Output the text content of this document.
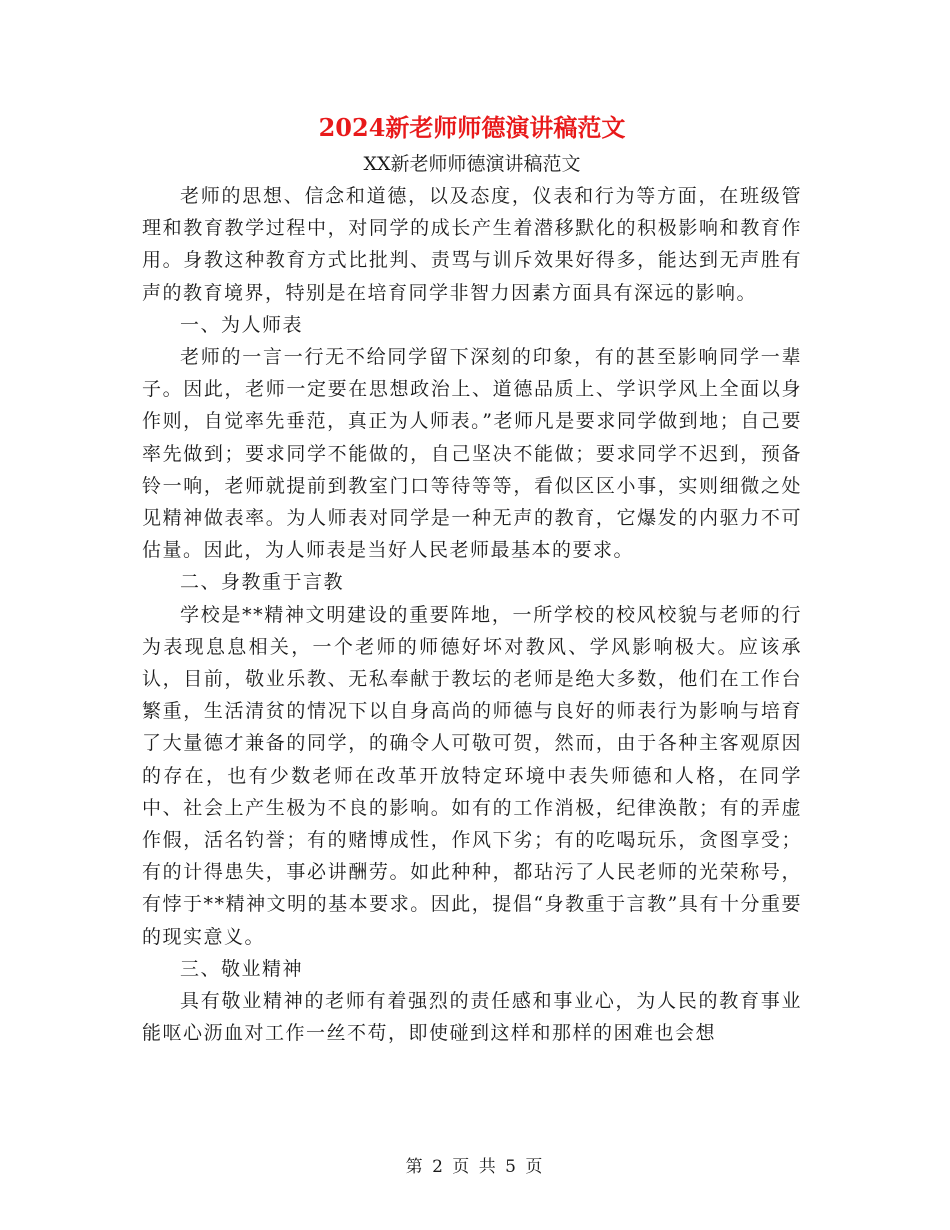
2024新老师师德演讲稿范文

XX新老师师德演讲稿范文

老师的思想、信念和道德，以及态度，仪表和行为等方面，在班级管理和教育教学过程中，对同学的成长产生着潜移默化的积极影响和教育作用。身教这种教育方式比批判、责骂与训斥效果好得多，能达到无声胜有声的教育境界，特别是在培育同学非智力因素方面具有深远的影响。

一、为人师表

老师的一言一行无不给同学留下深刻的印象，有的甚至影响同学一辈子。因此，老师一定要在思想政治上、道德品质上、学识学风上全面以身作则，自觉率先垂范，真正为人师表。”老师凡是要求同学做到地；自己要率先做到；要求同学不能做的，自己坚决不能做；要求同学不迟到，预备铃一响，老师就提前到教室门口等待等等，看似区区小事，实则细微之处见精神做表率。为人师表对同学是一种无声的教育，它爆发的内驱力不可估量。因此，为人师表是当好人民老师最基本的要求。

二、身教重于言教

学校是**精神文明建设的重要阵地，一所学校的校风校貌与老师的行为表现息息相关，一个老师的师德好坏对教风、学风影响极大。应该承认，目前，敬业乐教、无私奉献于教坛的老师是绝大多数，他们在工作台繁重，生活清贫的情况下以自身高尚的师德与良好的师表行为影响与培育了大量德才兼备的同学，的确令人可敬可贺，然而，由于各种主客观原因的存在，也有少数老师在改革开放特定环境中表失师德和人格，在同学中、社会上产生极为不良的影响。如有的工作消极，纪律涣散；有的弄虚作假，活名钓誉；有的赌博成性，作风下劣；有的吃喝玩乐，贪图享受；有的计得患失，事必讲酬劳。如此种种，都玷污了人民老师的光荣称号，有悖于**精神文明的基本要求。因此，提倡“身教重于言教”具有十分重要的现实意义。

三、敬业精神

具有敬业精神的老师有着强烈的责任感和事业心，为人民的教育事业能呕心沥血对工作一丝不苟，即使碰到这样和那样的困难也会想

第 2 页 共 5 页
